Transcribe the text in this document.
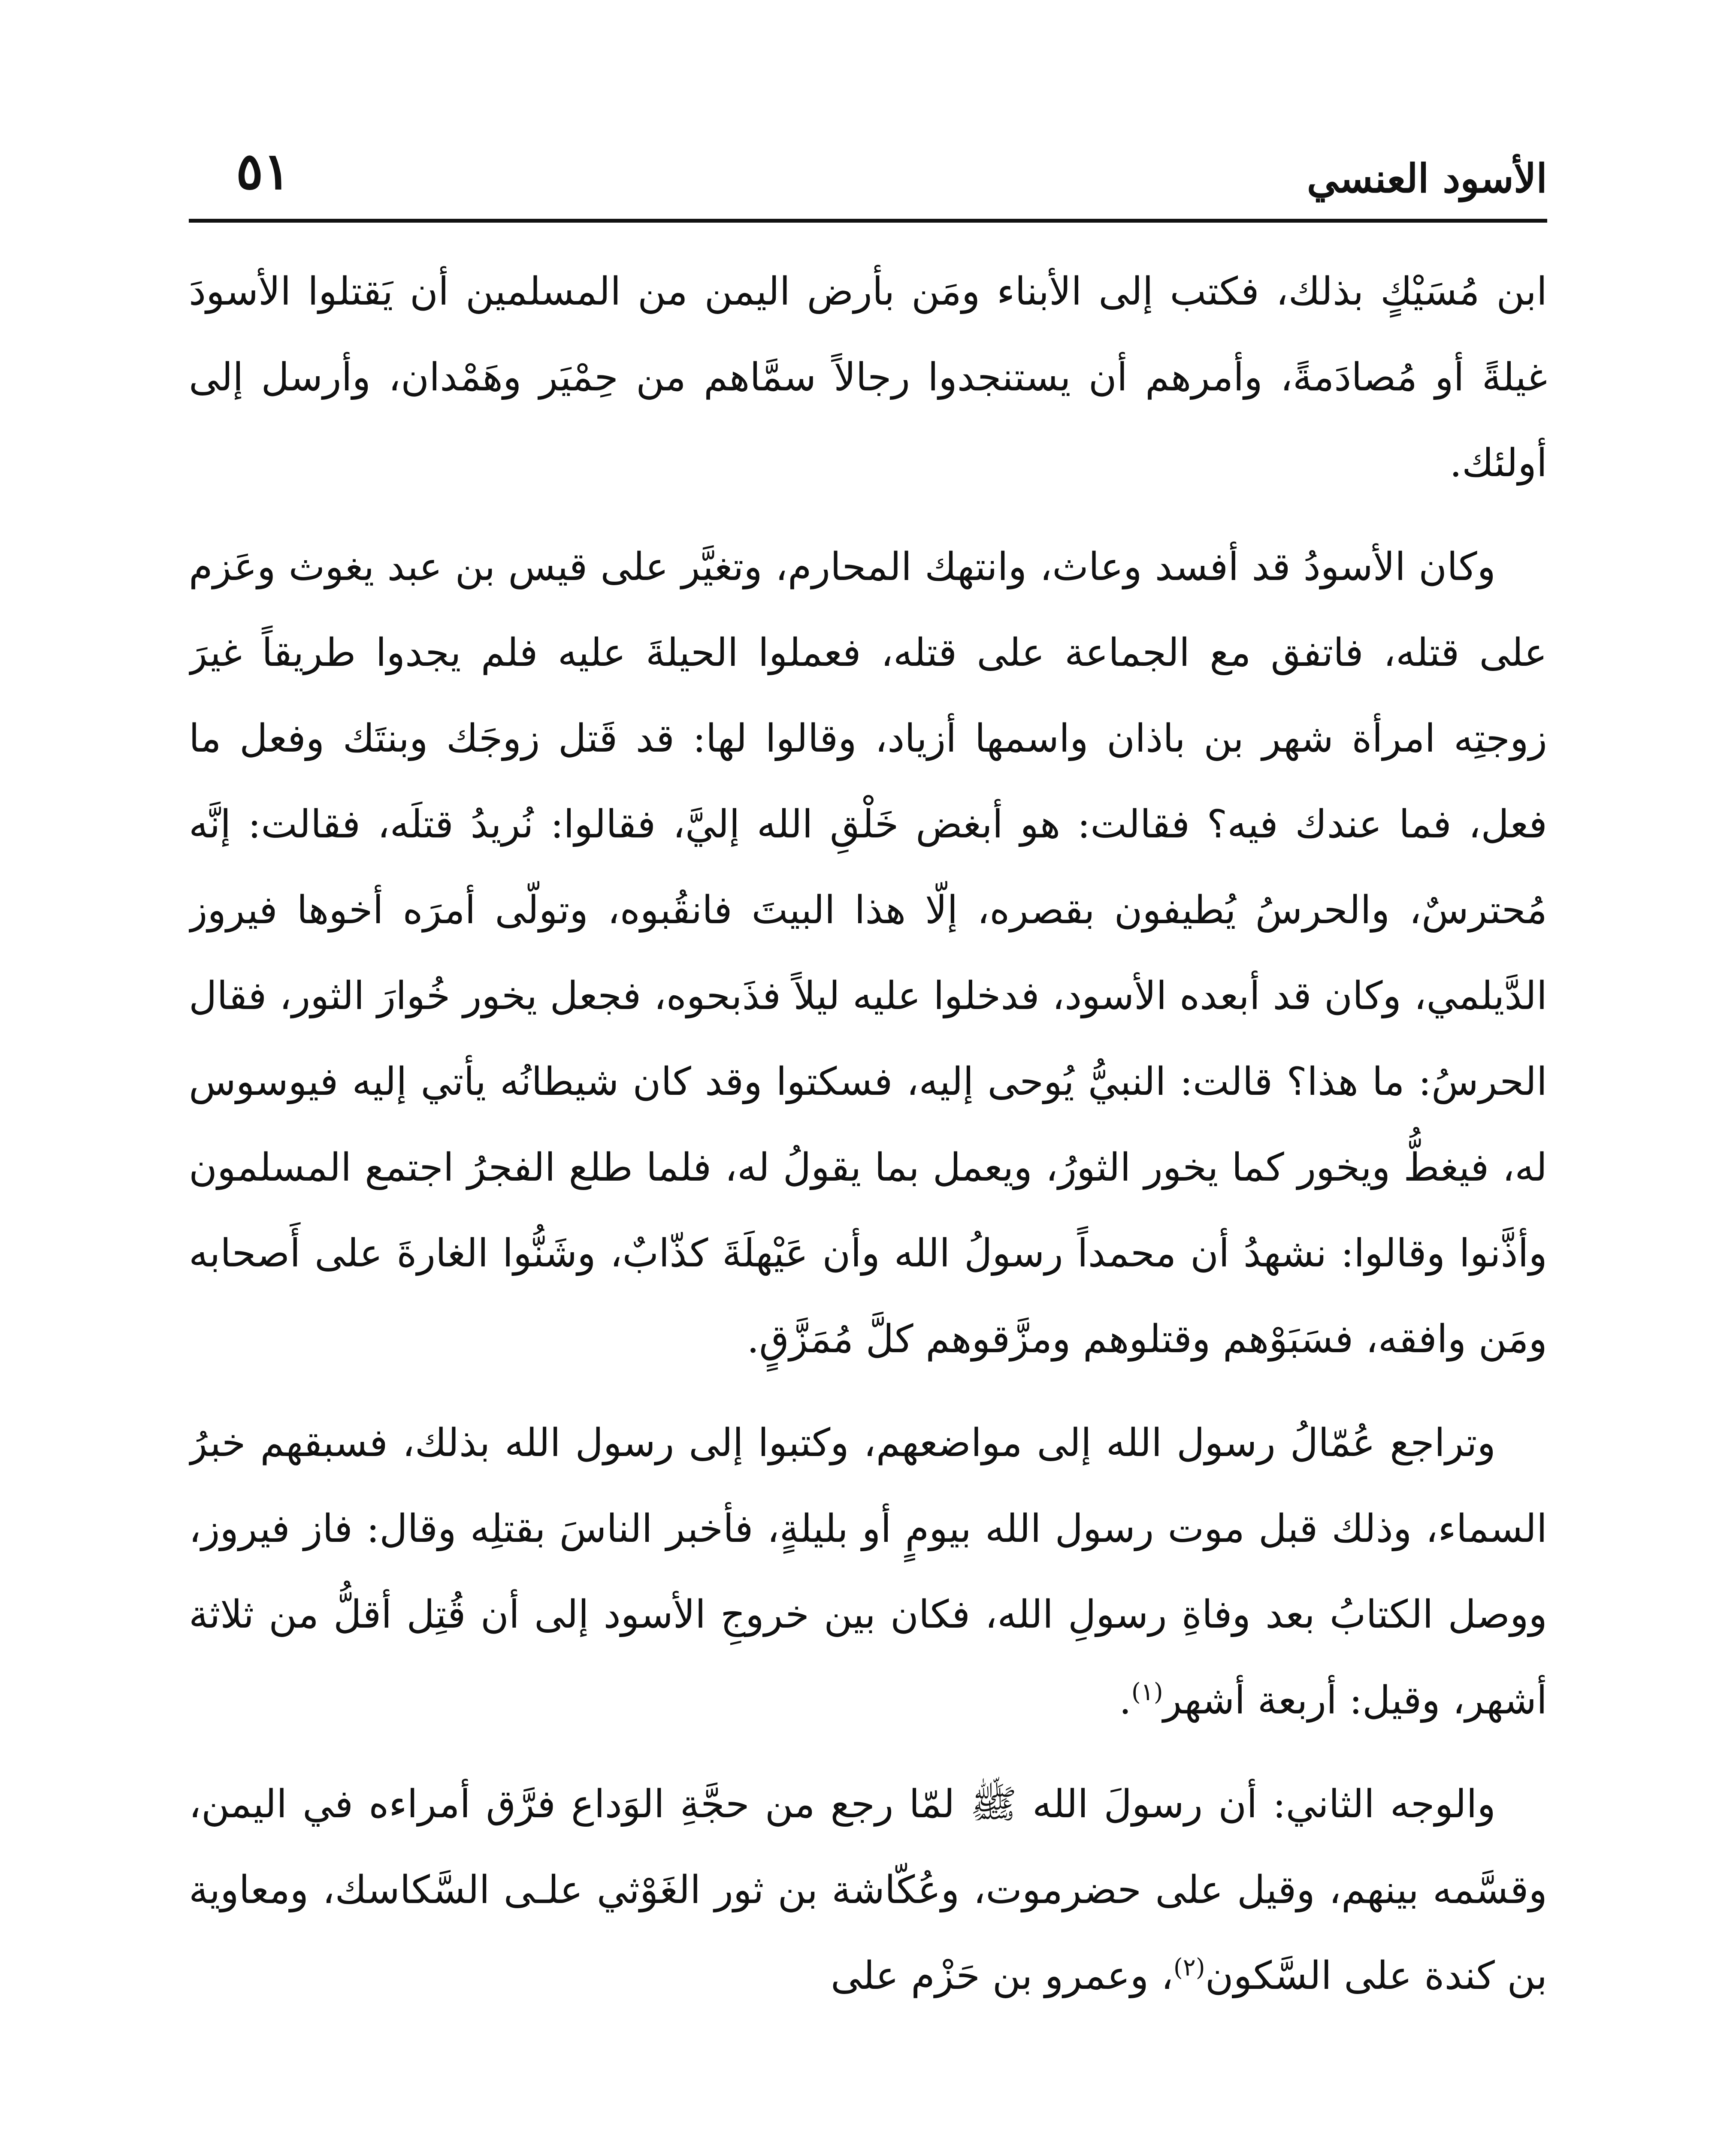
الأسود العنسي
٥١

ابن مُسَيْكٍ بذلك، فكتب إلى الأبناء ومَن بأرض اليمن من المسلمين أن يَقتلوا الأسودَ غيلةً أو مُصادَمةً، وأمرهم أن يستنجدوا رجالاً سمَّاهم من حِمْيَر وهَمْدان، وأرسل إلى أولئك.

وكان الأسودُ قد أفسد وعاث، وانتهك المحارم، وتغيَّر على قيس بن عبد يغوث وعَزم على قتله، فاتفق مع الجماعة على قتله، فعملوا الحيلةَ عليه فلم يجدوا طريقاً غيرَ زوجتِه امرأة شهر بن باذان واسمها أزياد، وقالوا لها: قد قَتل زوجَك وبنتَك وفعل ما فعل، فما عندك فيه؟ فقالت: هو أبغض خَلْقِ الله إليَّ، فقالوا: نُريدُ قتلَه، فقالت: إنَّه مُحترسٌ، والحرسُ يُطيفون بقصره، إلّا هذا البيتَ فانقُبوه، وتولّى أمرَه أخوها فيروز الدَّيلمي، وكان قد أبعده الأسود، فدخلوا عليه ليلاً فذَبحوه، فجعل يخور خُوارَ الثور، فقال الحرسُ: ما هذا؟ قالت: النبيُّ يُوحى إليه، فسكتوا وقد كان شيطانُه يأتي إليه فيوسوس له، فيغطُّ ويخور كما يخور الثورُ، ويعمل بما يقولُ له، فلما طلع الفجرُ اجتمع المسلمون وأذَّنوا وقالوا: نشهدُ أن محمداً رسولُ الله وأن عَيْهلَةَ كذّابٌ، وشَنُّوا الغارةَ على أَصحابه ومَن وافقه، فسَبَوْهم وقتلوهم ومزَّقوهم كلَّ مُمَزَّقٍ.

وتراجع عُمّالُ رسول الله إلى مواضعهم، وكتبوا إلى رسول الله بذلك، فسبقهم خبرُ السماء، وذلك قبل موت رسول الله بيومٍ أو بليلةٍ، فأخبر الناسَ بقتلِه وقال: فاز فيروز، ووصل الكتابُ بعد وفاةِ رسولِ الله، فكان بين خروجِ الأسود إلى أن قُتِل أقلُّ من ثلاثة أشهر، وقيل: أربعة أشهر$^{(١)}$.

والوجه الثاني: أن رسولَ الله ﷺ لمّا رجع من حجَّةِ الوَداع فرَّق أمراءه في اليمن، وقسَّمه بينهم، وقيل على حضرموت، وعُكّاشة بن ثور الغَوْثي علـى السَّكاسك، ومعاوية بن كندة على السَّكون$^{(٢)}$، وعمرو بن حَزْم على
